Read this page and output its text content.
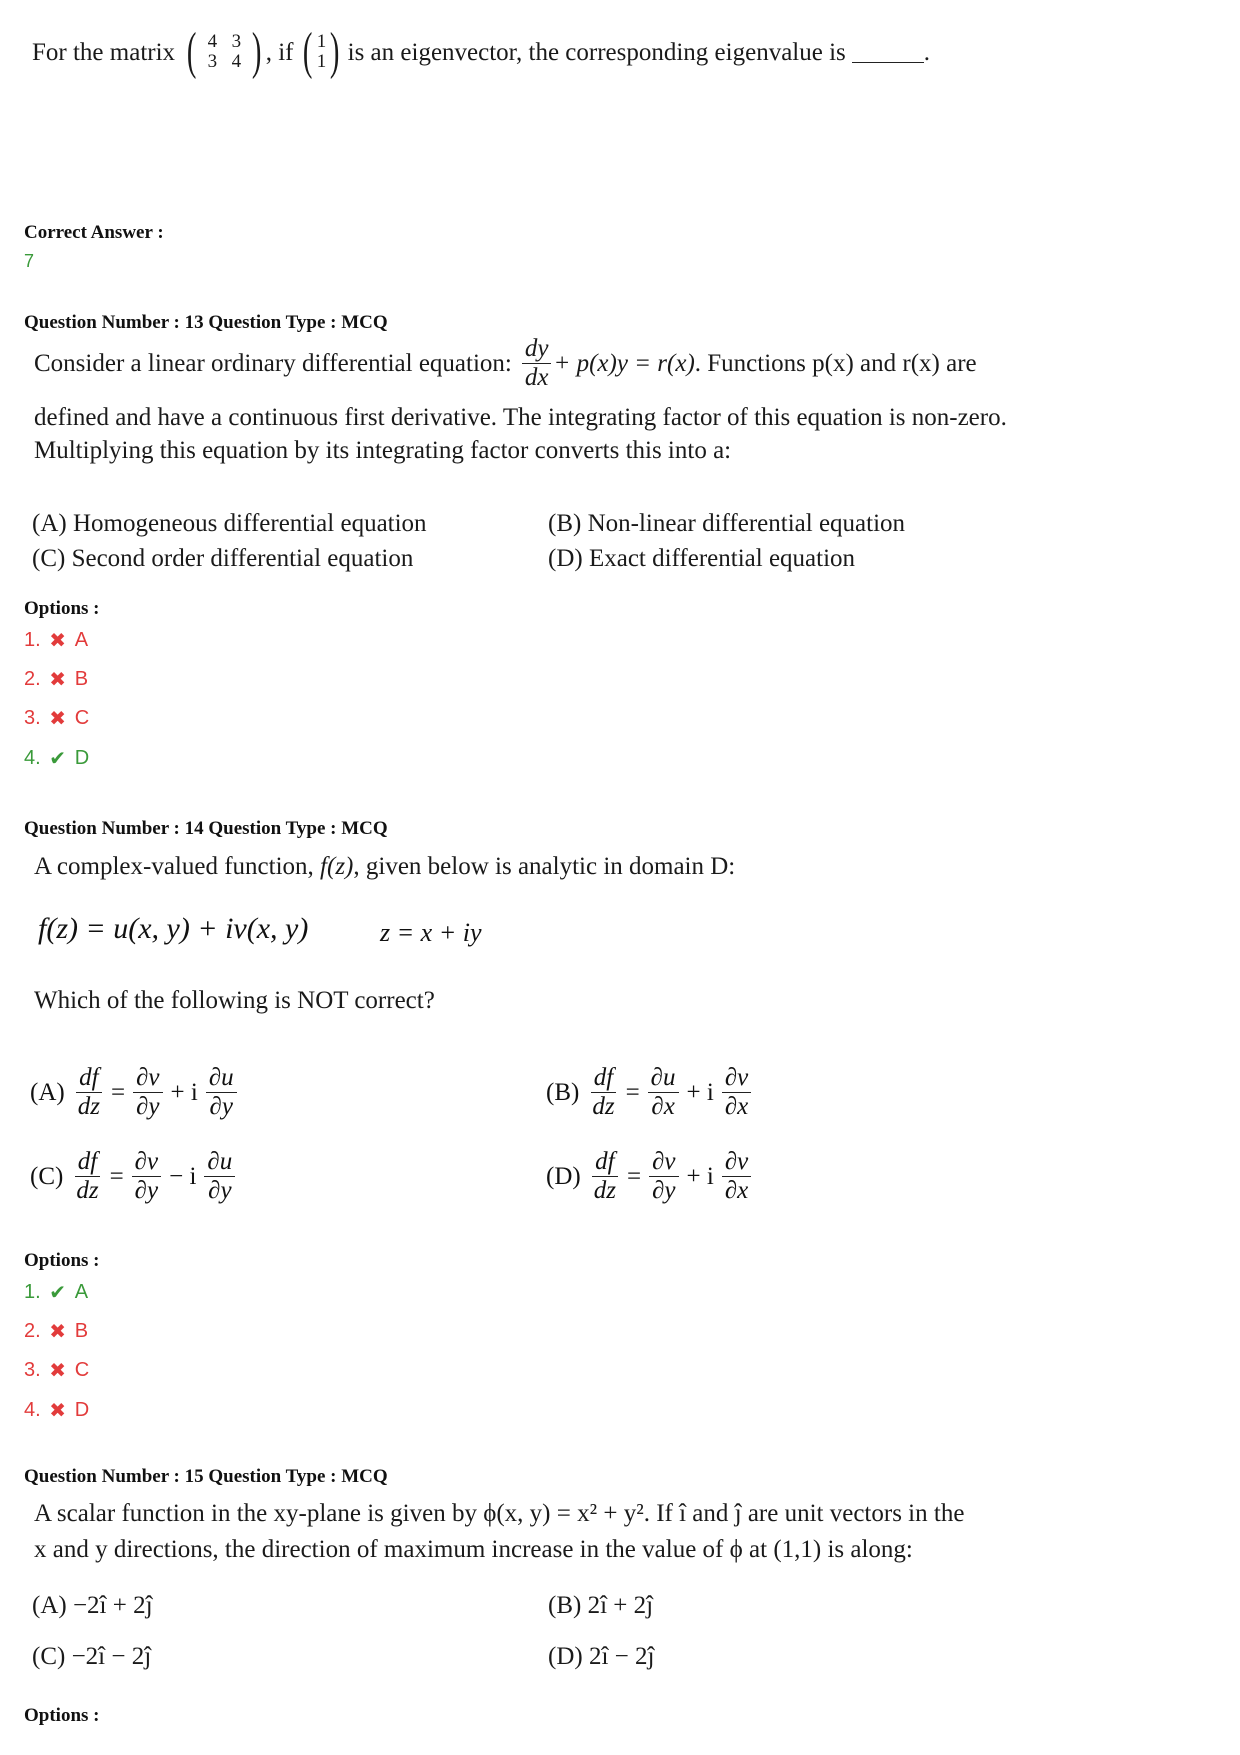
For the matrix ( 4 3
3 4 ) , if ( 1
1 ) is an eigenvector, the corresponding eigenvalue is	.
Correct Answer :
7
Question Number : 13 Question Type : MCQ
Consider a linear ordinary differential equation: $\frac{dy}{dx} + p(x)y = r(x)$ . Functions p(x) and r(x) are
defined and have a continuous first derivative. The integrating factor of this equation is non-zero.
Multiplying this equation by its integrating factor converts this into a:
(A) Homogeneous differential equation	(B) Non-linear differential equation
(C) Second order differential equation	(D) Exact differential equation
Options :
1. ✖ A
2. ✖ B
3. ✖ C
4. ✔ D
Question Number : 14 Question Type : MCQ
A complex-valued function, f(z), given below is analytic in domain D:
f(z) = u(x, y) + iv(x, y)	z = x + iy
Which of the following is NOT correct?
$(A) \frac{df}{dz} = \frac{\partial v}{\partial y} + i \frac{\partial u}{\partial y}$	$(B) \frac{df}{dz} = \frac{\partial u}{\partial x} + i \frac{\partial v}{\partial x}$
$(C) \frac{df}{dz} = \frac{\partial v}{\partial y} - i \frac{\partial u}{\partial y}$	$(D) \frac{df}{dz} = \frac{\partial v}{\partial y} + i \frac{\partial v}{\partial x}$
Options :
1. ✔ A
2. ✖ B
3. ✖ C
4. ✖ D
Question Number : 15 Question Type : MCQ
A scalar function in the xy-plane is given by ϕ(x, y) = x² + y². If î and ĵ are unit vectors in the
x and y directions, the direction of maximum increase in the value of ϕ at (1,1) is along:
(A) −2î + 2ĵ	(B) 2î + 2ĵ
(C) −2î − 2ĵ	(D) 2î − 2ĵ
Options :
